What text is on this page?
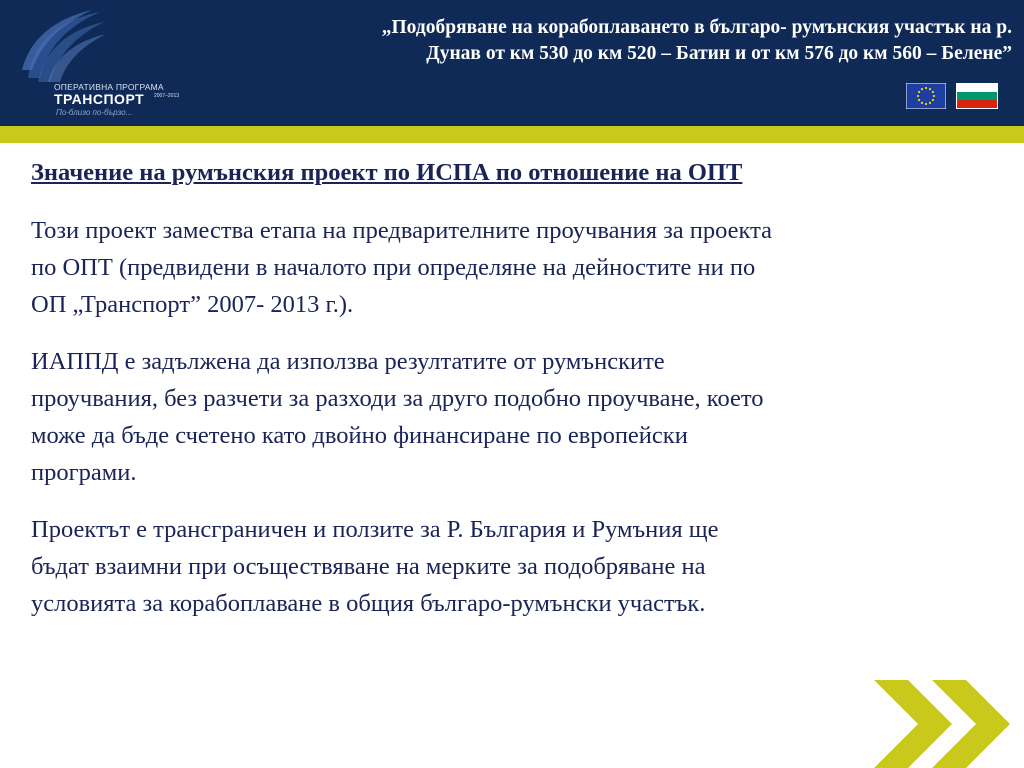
ОПЕРАТИВНА ПРОГРАМА
ТРАНСПОРТ 2007–2013
По-близо по-бързо...
„Подобряване на корабоплаването в българо- румънския участък на р.
Дунав от км 530 до км 520 – Батин и от км 576 до км 560 – Белене”
Значение на румънския проект по ИСПА по отношение на ОПТ
Този проект замества етапа на предварителните проучвания за проекта
по ОПТ (предвидени в началото при определяне на дейностите ни по
ОП „Транспорт” 2007- 2013 г.).
ИАППД е задължена да използва резултатите от румънските
проучвания, без разчети за разходи за друго подобно проучване, което
може да бъде счетено като двойно финансиране по европейски
програми.
Проектът е трансграничен и ползите за Р. България и Румъния ще
бъдат взаимни при осъществяване на мерките за подобряване на
условията за корабоплаване в общия българо-румънски участък.
